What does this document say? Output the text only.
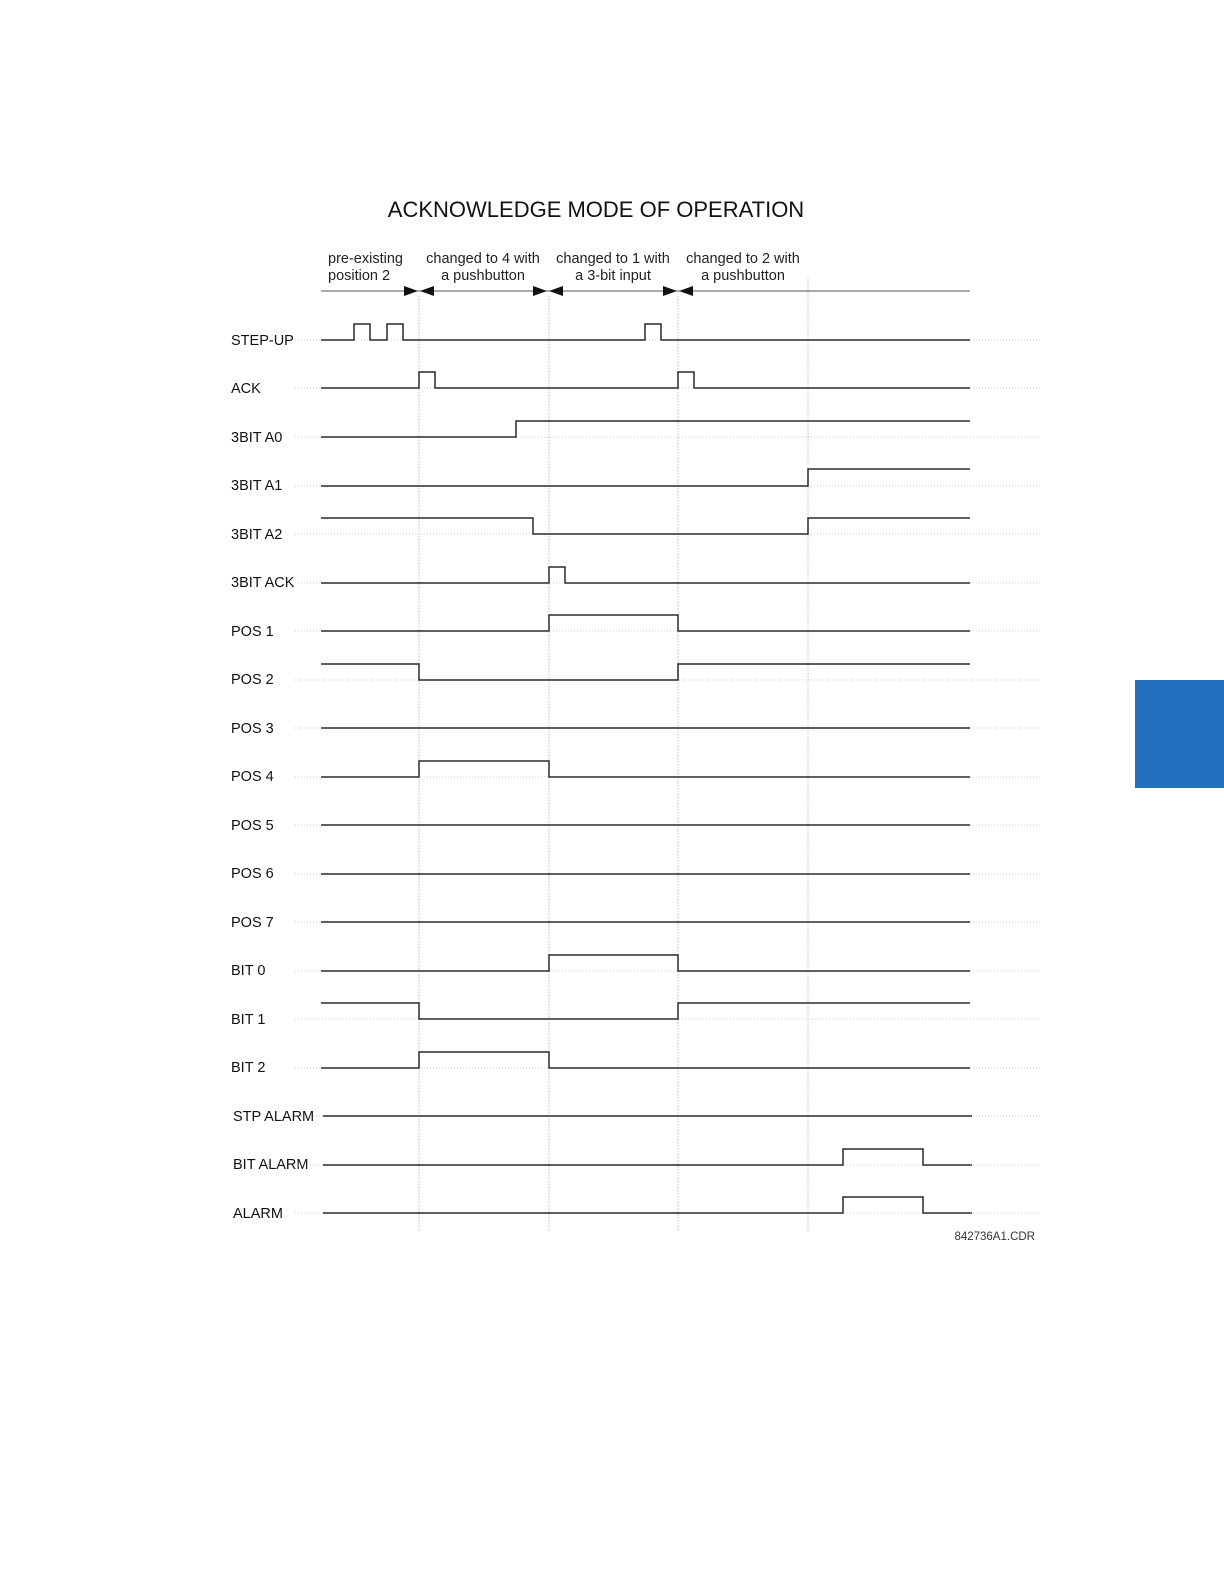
ACKNOWLEDGE MODE OF OPERATION
pre-existing
position 2
changed to 4 with
a pushbutton
changed to 1 with
a 3-bit input
changed to 2 with
a pushbutton
STEP-UP
ACK
3BIT A0
3BIT A1
3BIT A2
3BIT ACK
POS 1
POS 2
POS 3
POS 4
POS 5
POS 6
POS 7
BIT 0
BIT 1
BIT 2
STP ALARM
BIT ALARM
ALARM
842736A1.CDR
